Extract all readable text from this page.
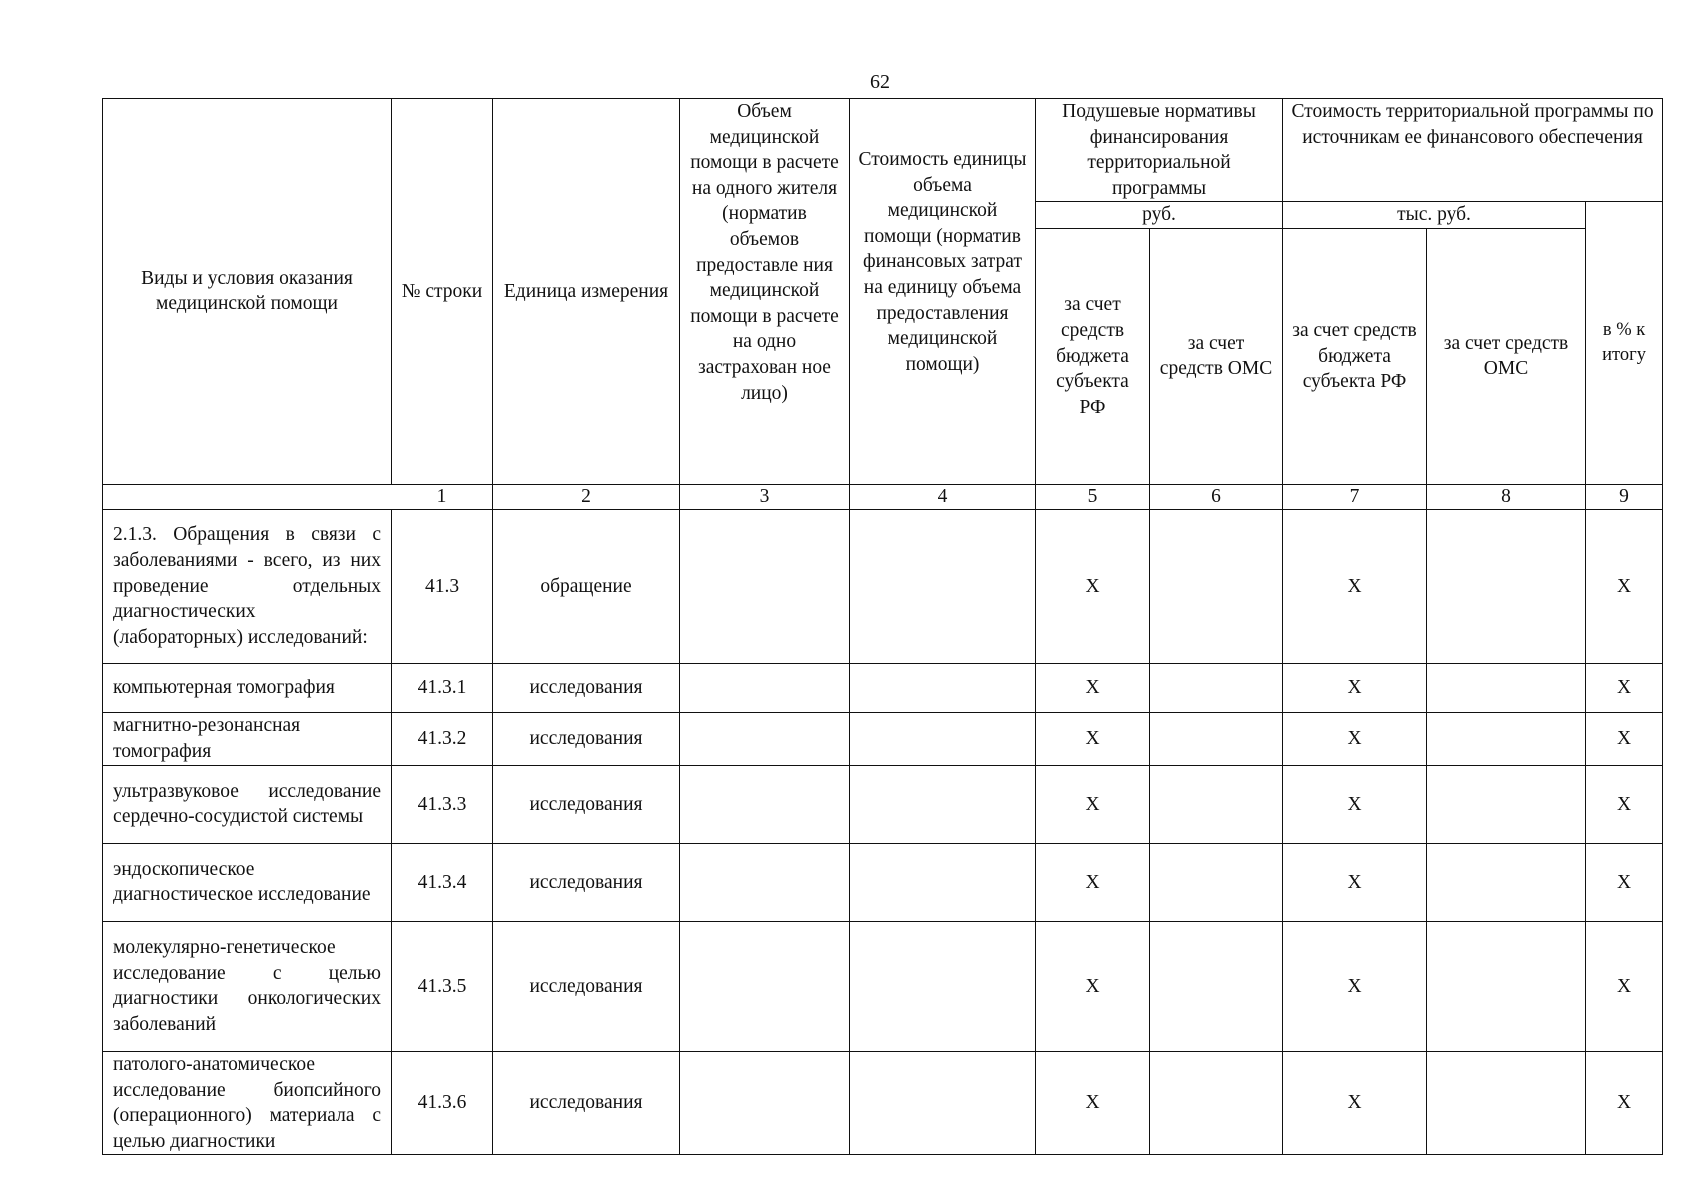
62
Виды и условия оказания медицинской помощи	№ строки	Единица измерения	Объем медицинской помощи в расчете на одного жителя (норматив объемов предоставле ния медицинской помощи в расчете на одно застрахован ное лицо)	Стоимость единицы объема медицинской помощи (норматив финансовых затрат на единицу объема предоставления медицинской помощи)	Подушевые нормативы финансирования территориальной программы		Стоимость территориальной программы по источникам ее финансового обеспечения		
					руб.		тыс. руб.		в % к итогу
					за счет средств бюджета субъекта РФ	за счет средств ОМС	за счет средств бюджета субъекта РФ	за счет средств ОМС	
1		2	3	4	5	6	7	8	9
2.1.3. Обращения в связи с заболеваниями - всего, из них проведение отдельных диагностических (лабораторных) исследований:	41.3	обращение			X		X		X
компьютерная томография	41.3.1	исследования			X		X		X
магнитно-резонансная томография	41.3.2	исследования			X		X		X
ультразвуковое исследование сердечно-сосудистой системы	41.3.3	исследования			X		X		X
эндоскопическое диагностическое исследование	41.3.4	исследования			X		X		X
молекулярно-генетическое исследование с целью диагностики онкологических заболеваний	41.3.5	исследования			X		X		X
патолого-анатомическое исследование биопсийного (операционного) материала с целью диагностики	41.3.6	исследования			X		X		X
